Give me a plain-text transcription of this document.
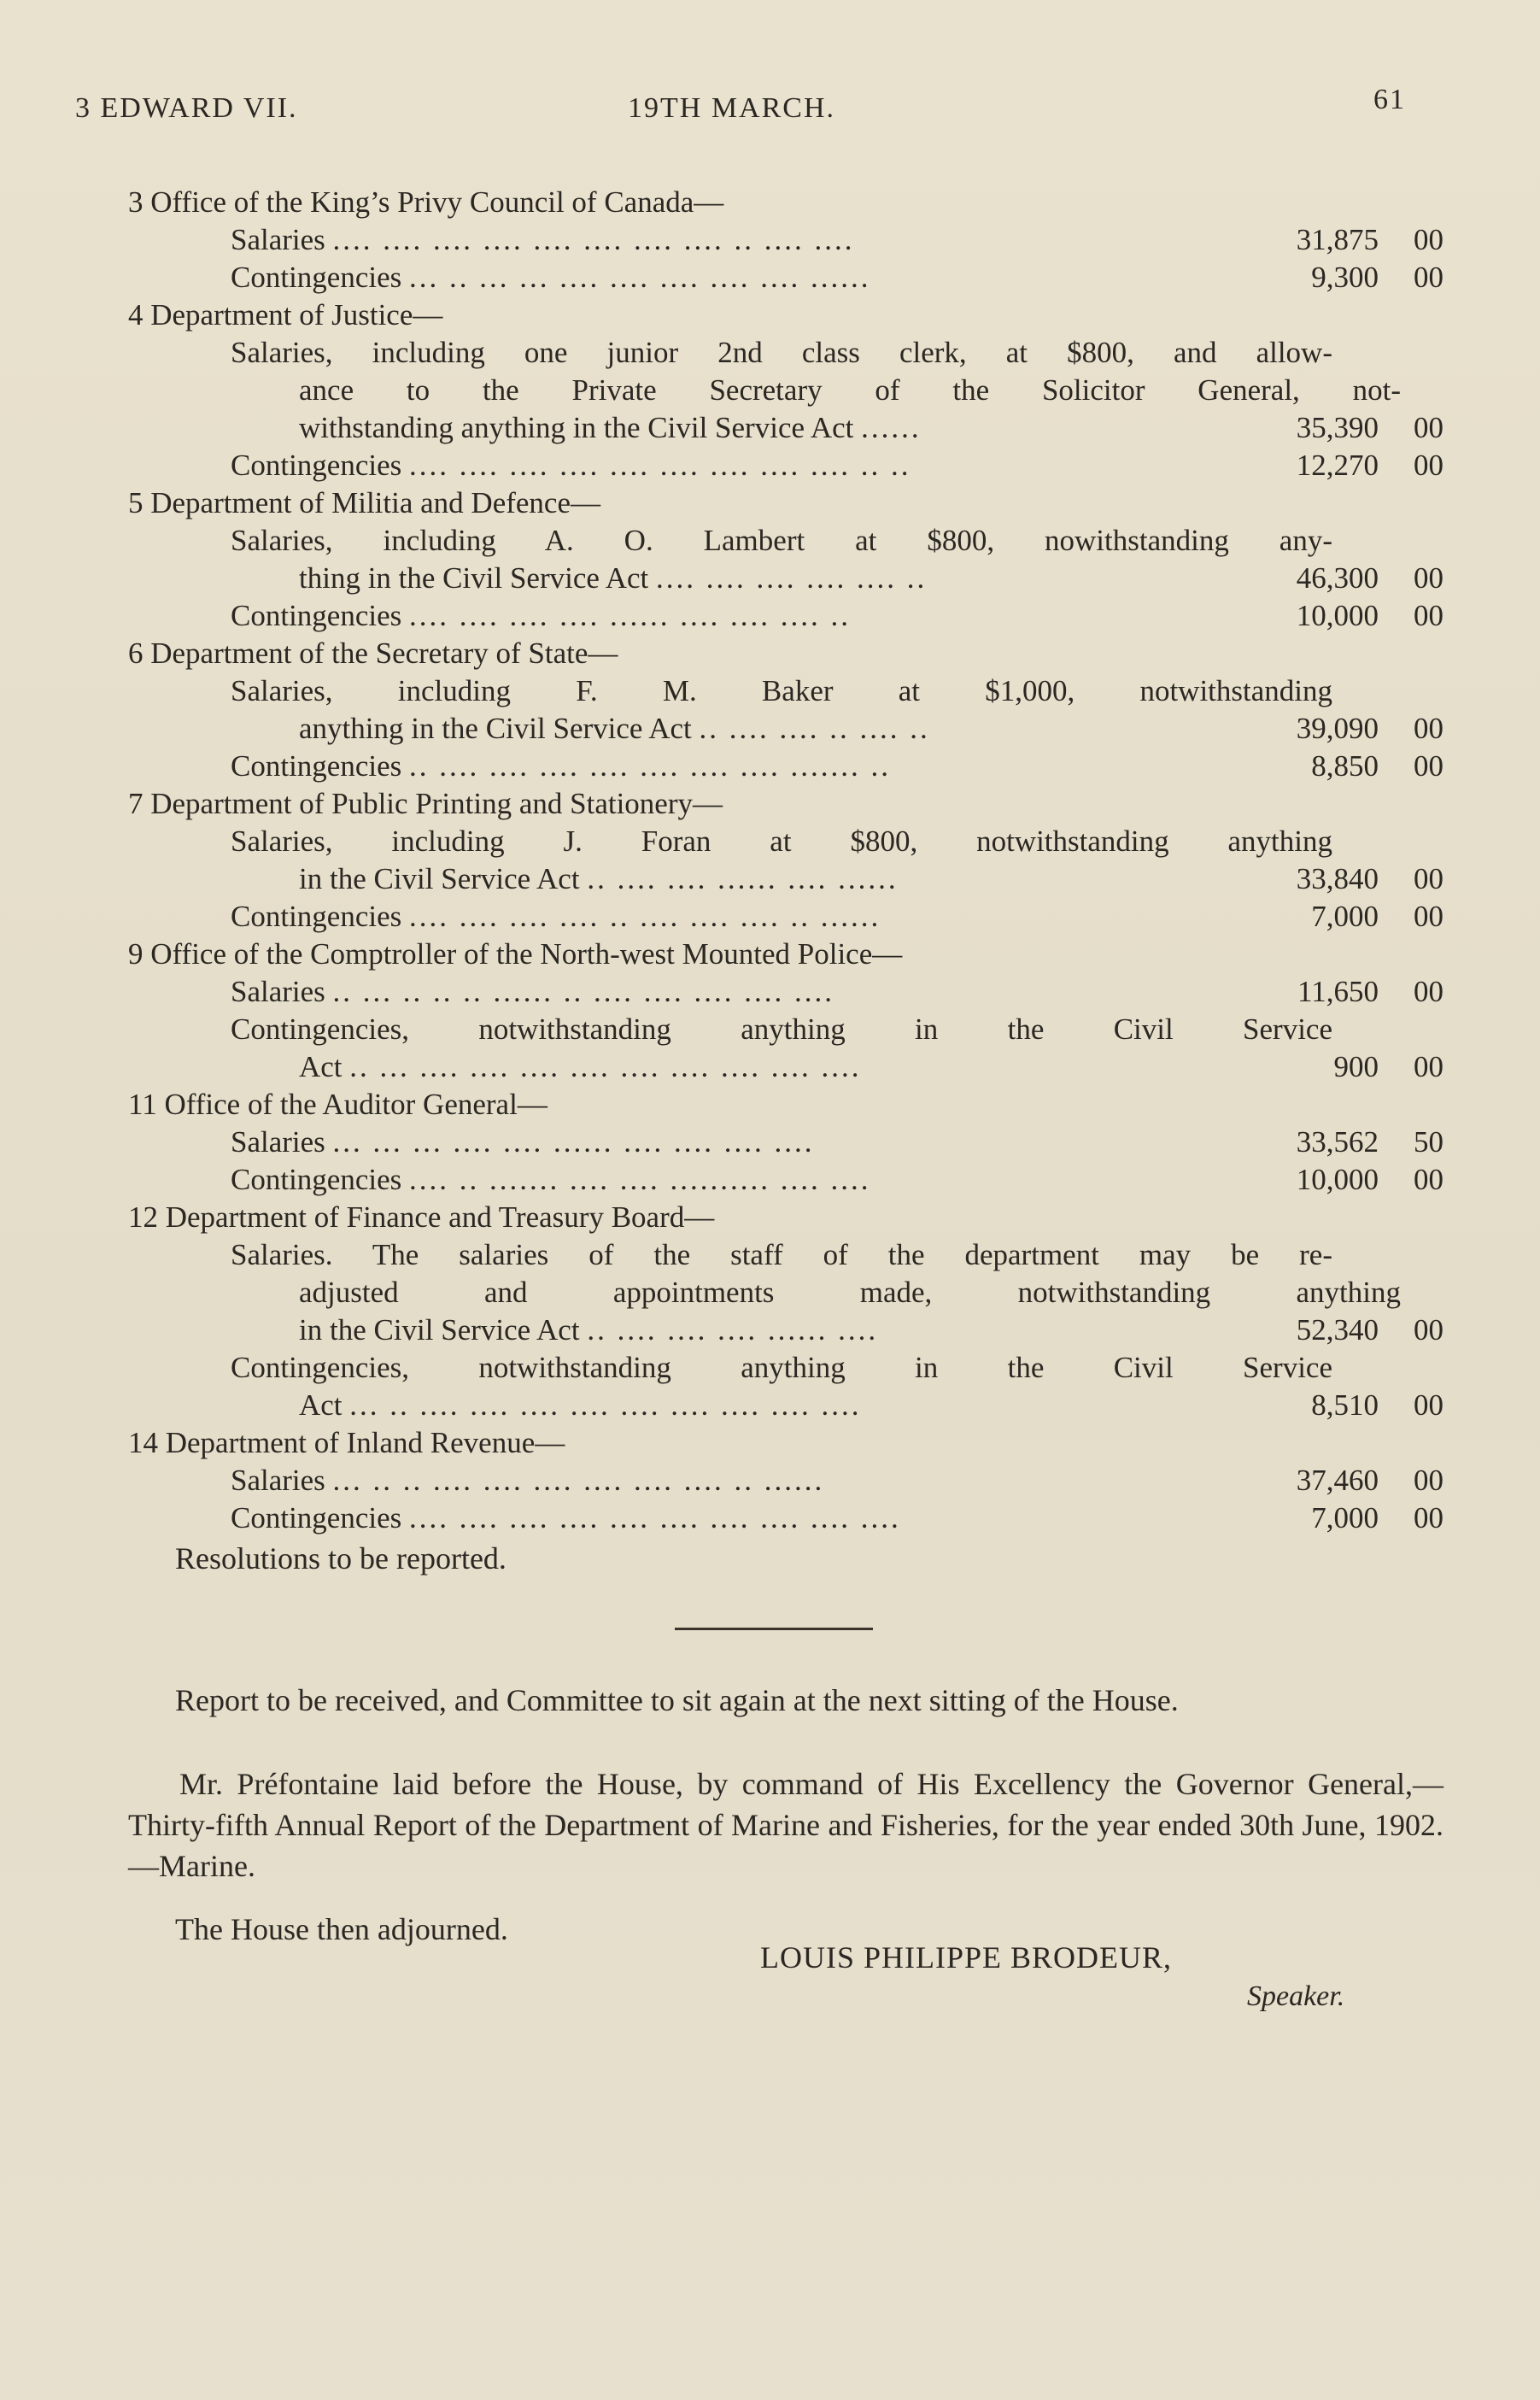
3 EDWARD VII.	19TH MARCH.	61
3 Office of the King’s Privy Council of Canada—
Salaries .... .... .... .... .... .... .... .... .. .... ....	31,875 00
Contingencies ... .. ... ... .... .... .... .... .... ......	9,300 00
4 Department of Justice—
Salaries, including one junior 2nd class clerk, at $800, and allow-
ance to the Private Secretary of the Solicitor General, not-
withstanding anything in the Civil Service Act ......	35,390 00
Contingencies .... .... .... .... .... .... .... .... .... .. ..	12,270 00
5 Department of Militia and Defence—
Salaries, including A. O. Lambert at $800, nowithstanding any-
thing in the Civil Service Act .... .... .... .... .... ..	46,300 00
Contingencies .... .... .... .... ...... .... .... .... ..	10,000 00
6 Department of the Secretary of State—
Salaries, including F. M. Baker at $1,000, notwithstanding
anything in the Civil Service Act .. .... .... .. .... ..	39,090 00
Contingencies .. .... .... .... .... .... .... .... ....... ..	8,850 00
7 Department of Public Printing and Stationery—
Salaries, including J. Foran at $800, notwithstanding anything
in the Civil Service Act .. .... .... ...... .... ......	33,840 00
Contingencies .... .... .... .... .. .... .... .... .. ......	7,000 00
9 Office of the Comptroller of the North-west Mounted Police—
Salaries .. ... .. .. .. ...... .. .... .... .... .... ....	11,650 00
Contingencies, notwithstanding anything in the Civil Service
Act .. ... .... .... .... .... .... .... .... .... ....	900 00
11 Office of the Auditor General—
Salaries ... ... ... .... .... ...... .... .... .... ....	33,562 50
Contingencies .... .. ....... .... .... .......... .... ....	10,000 00
12 Department of Finance and Treasury Board—
Salaries. The salaries of the staff of the department may be re-
adjusted and appointments made, notwithstanding anything
in the Civil Service Act .. .... .... .... ...... ....	52,340 00
Contingencies, notwithstanding anything in the Civil Service
Act ... .. .... .... .... .... .... .... .... .... ....	8,510 00
14 Department of Inland Revenue—
Salaries ... .. .. .... .... .... .... .... .... .. ......	37,460 00
Contingencies .... .... .... .... .... .... .... .... .... ....	7,000 00
Resolutions to be reported.
Report to be received, and Committee to sit again at the next sitting of the House.
Mr. Préfontaine laid before the House, by command of His Excellency the Governor General,—Thirty-fifth Annual Report of the Department of Marine and Fisheries, for the year ended 30th June, 1902.—Marine.
The House then adjourned.
LOUIS PHILIPPE BRODEUR,
Speaker.
